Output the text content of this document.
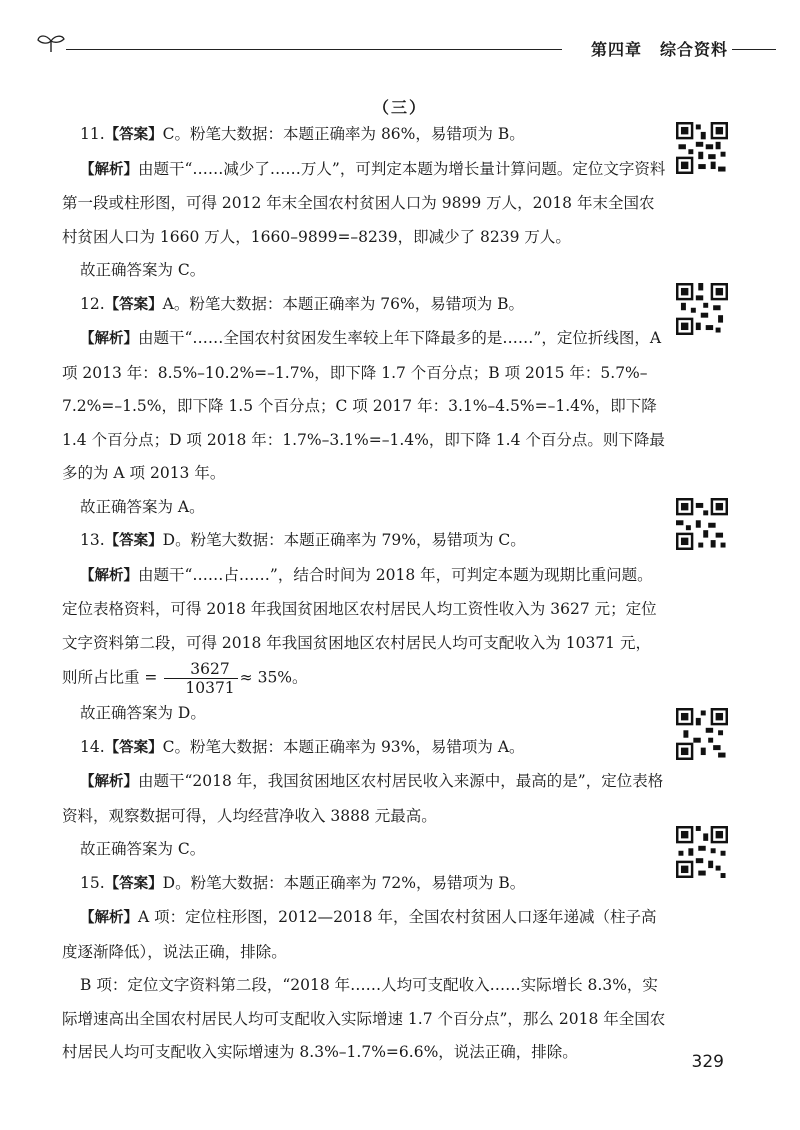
第四章 综合资料
（三）

11.【答案】C。粉笔大数据：本题正确率为 86%，易错项为 B。

【解析】由题干“……减少了……万人”，可判定本题为增长量计算问题。定位文字资料第一段或柱形图，可得 2012 年末全国农村贫困人口为 9899 万人，2018 年末全国农村贫困人口为 1660 万人，1660–9899=–8239，即减少了 8239 万人。

故正确答案为 C。

12.【答案】A。粉笔大数据：本题正确率为 76%，易错项为 B。

【解析】由题干“……全国农村贫困发生率较上年下降最多的是……”，定位折线图，A 项 2013 年：8.5%–10.2%=–1.7%，即下降 1.7 个百分点；B 项 2015 年：5.7%–7.2%=–1.5%，即下降 1.5 个百分点；C 项 2017 年：3.1%–4.5%=–1.4%，即下降 1.4 个百分点；D 项 2018 年：1.7%–3.1%=–1.4%，即下降 1.4 个百分点。则下降最多的为 A 项 2013 年。

故正确答案为 A。

13.【答案】D。粉笔大数据：本题正确率为 79%，易错项为 C。

【解析】由题干“……占……”，结合时间为 2018 年，可判定本题为现期比重问题。定位表格资料，可得 2018 年我国贫困地区农村居民人均工资性收入为 3627 元；定位文字资料第二段，可得 2018 年我国贫困地区农村居民人均可支配收入为 10371 元，则所占比重 = $\frac{3627}{10371} \approx 35\%$。

故正确答案为 D。

14.【答案】C。粉笔大数据：本题正确率为 93%，易错项为 A。

【解析】由题干“2018 年，我国贫困地区农村居民收入来源中，最高的是”，定位表格资料，观察数据可得，人均经营净收入 3888 元最高。

故正确答案为 C。

15.【答案】D。粉笔大数据：本题正确率为 72%，易错项为 B。

【解析】A 项：定位柱形图，2012—2018 年，全国农村贫困人口逐年递减（柱子高度逐渐降低），说法正确，排除。

B 项：定位文字资料第二段，“2018 年……人均可支配收入……实际增长 8.3%，实际增速高出全国农村居民人均可支配收入实际增速 1.7 个百分点”，那么 2018 年全国农村居民人均可支配收入实际增速为 8.3%–1.7%=6.6%，说法正确，排除。	329
